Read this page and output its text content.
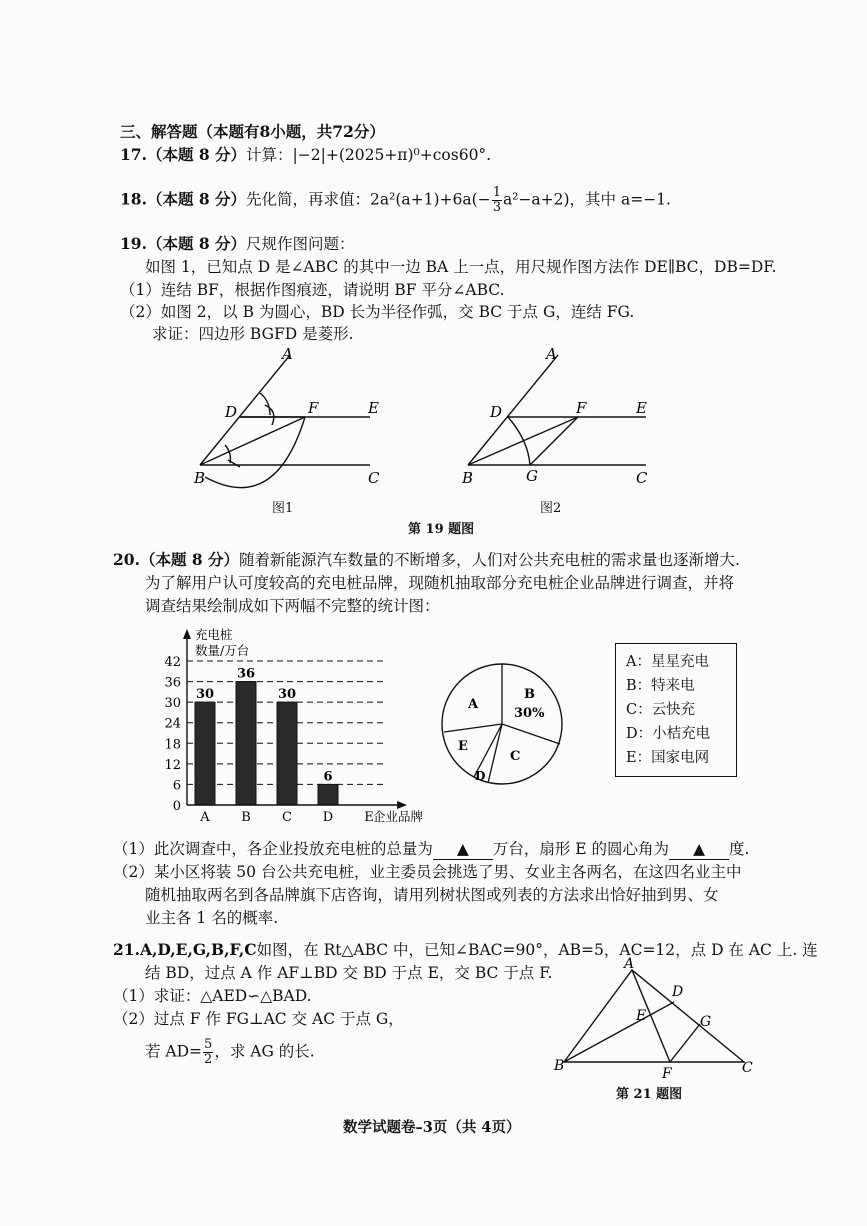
三、解答题（本题有8小题，共72分）
17.（本题 8 分）计算：|−2|+(2025+π)⁰+cos60°.
18.（本题 8 分）先化简，再求值：$2a^2(a+1)+6a(- \frac{1}{3} a^2-a+2)$，其中 a=−1.
19.（本题 8 分）尺规作图问题：
如图 1，已知点 D 是∠ABC 的其中一边 BA 上一点，用尺规作图方法作 DE∥BC，DB=DF.
（1）连结 BF，根据作图痕迹，请说明 BF 平分∠ABC.
（2）如图 2，以 B 为圆心，BD 长为半径作弧，交 BC 于点 G，连结 FG.
求证：四边形 BGFD 是菱形.
A
D	F	E
B	C
图1
D
A
F	E
B	G	C
图2
第 19 题图
20.（本题 8 分）随着新能源汽车数量的不断增多，人们对公共充电桩的需求量也逐渐增大.
为了解用户认可度较高的充电桩品牌，现随机抽取部分充电桩企业品牌进行调查，并将
调查结果绘制成如下两幅不完整的统计图：
充电桩
数量/万台
0
6
12
18
24
30
36
42
30
A
36
B
30
C
6
D E 企业品牌
A
B
30%
C
D
E
A：星星充电
B：特来电
C：云快充
D：小桔充电
E：国家电网
（1）此次调查中，各企业投放充电桩的总量为 ▲ 万台，扇形 E 的圆心角为 ▲ 度.
（2）某小区将装 50 台公共充电桩，业主委员会挑选了男、女业主各两名，在这四名业主中
随机抽取两名到各品牌旗下店咨询，请用列树状图或列表的方法求出恰好抽到男、女
业主各 1 名的概率.
21.A,D,E,G,B,F,C如图，在 Rt△ABC 中，已知∠BAC=90°，AB=5，AC=12，点 D 在 AC 上. 连
结 BD，过点 A 作 AF⊥BD 交 BD 于点 E，交 BC 于点 F.
（1）求证：△AED∽△BAD.
（2）过点 F 作 FG⊥AC 交 AC 于点 G，
若 $AD= \frac{5}{2}$ ，求 AG 的长.
A
D
E	G
B	F	C
第 21 题图
数学试题卷–3页（共 4页）
